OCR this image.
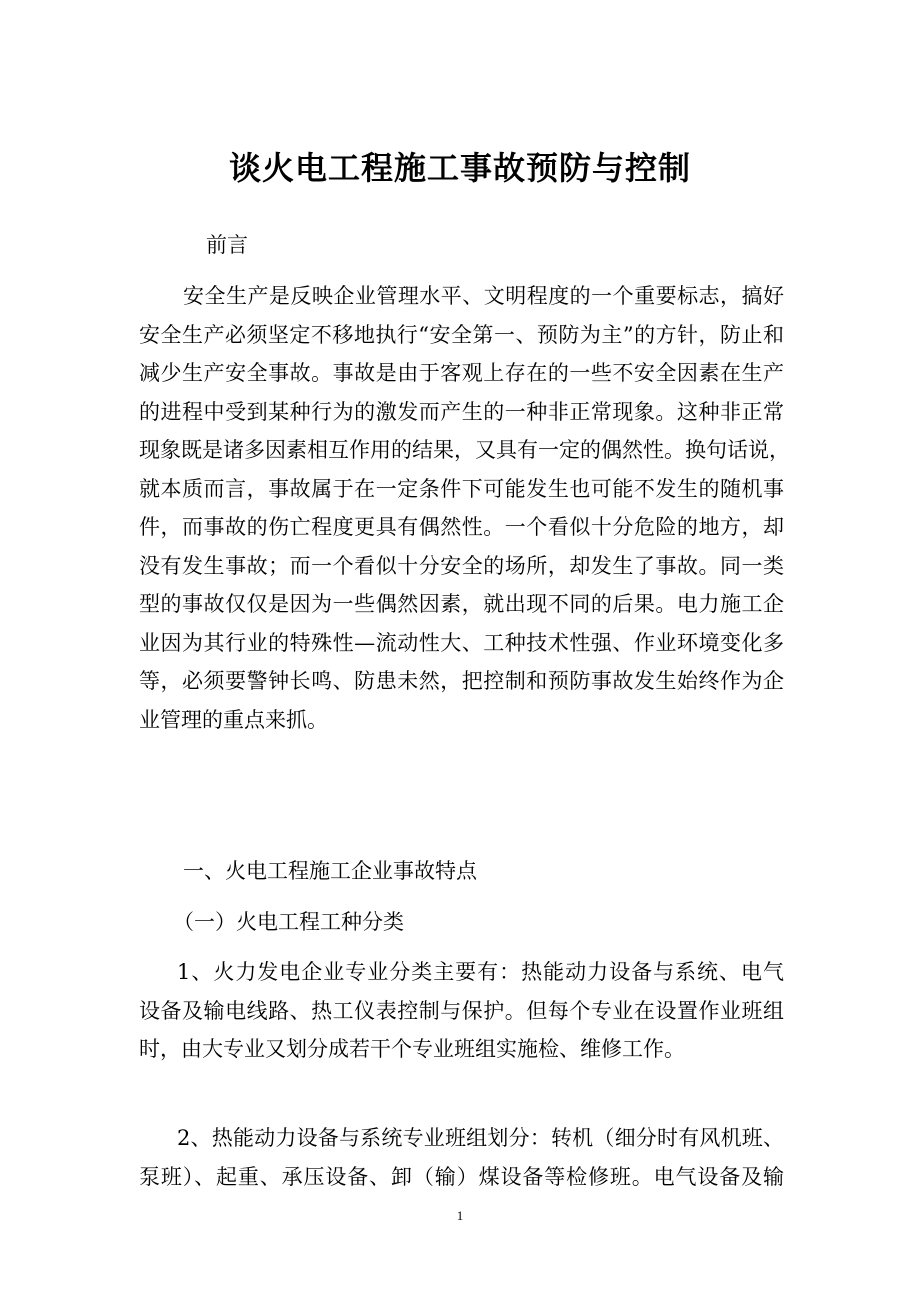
谈火电工程施工事故预防与控制
前言
安全生产是反映企业管理水平、文明程度的一个重要标志，搞好
安全生产必须坚定不移地执行“安全第一、预防为主”的方针，防止和
减少生产安全事故。事故是由于客观上存在的一些不安全因素在生产
的进程中受到某种行为的激发而产生的一种非正常现象。这种非正常
现象既是诸多因素相互作用的结果，又具有一定的偶然性。换句话说，
就本质而言，事故属于在一定条件下可能发生也可能不发生的随机事
件，而事故的伤亡程度更具有偶然性。一个看似十分危险的地方，却
没有发生事故；而一个看似十分安全的场所，却发生了事故。同一类
型的事故仅仅是因为一些偶然因素，就出现不同的后果。电力施工企
业因为其行业的特殊性—流动性大、工种技术性强、作业环境变化多
等，必须要警钟长鸣、防患未然，把控制和预防事故发生始终作为企
业管理的重点来抓。
一、火电工程施工企业事故特点
（一）火电工程工种分类
1、火力发电企业专业分类主要有：热能动力设备与系统、电气
设备及输电线路、热工仪表控制与保护。但每个专业在设置作业班组
时，由大专业又划分成若干个专业班组实施检、维修工作。
2、热能动力设备与系统专业班组划分：转机（细分时有风机班、
泵班）、起重、承压设备、卸（输）煤设备等检修班。电气设备及输
1
